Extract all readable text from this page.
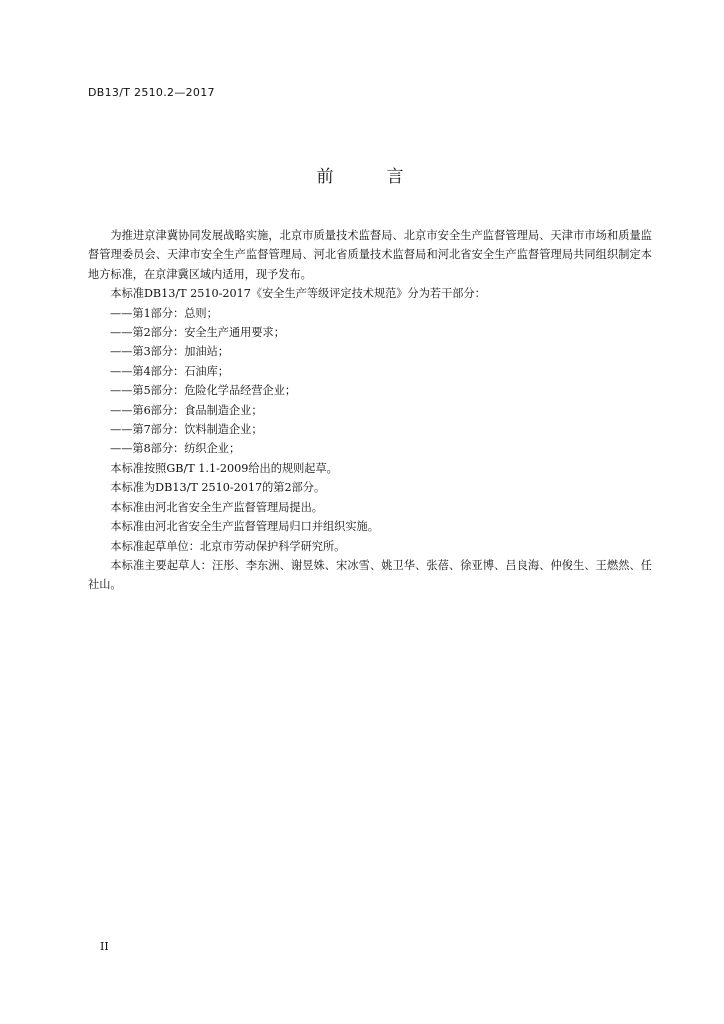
DB13/T 2510.2—2017
前　言

为推进京津冀协同发展战略实施，北京市质量技术监督局、北京市安全生产监督管理局、天津市市场和质量监督管理委员会、天津市安全生产监督管理局、河北省质量技术监督局和河北省安全生产监督管理局共同组织制定本地方标准，在京津冀区域内适用，现予发布。

本标准DB13/T 2510-2017《安全生产等级评定技术规范》分为若干部分：

——第1部分：总则；

——第2部分：安全生产通用要求；

——第3部分：加油站；

——第4部分：石油库；

——第5部分：危险化学品经营企业；

——第6部分：食品制造企业；

——第7部分：饮料制造企业；

——第8部分：纺织企业；

本标准按照GB/T 1.1-2009给出的规则起草。

本标准为DB13/T 2510-2017的第2部分。

本标准由河北省安全生产监督管理局提出。

本标准由河北省安全生产监督管理局归口并组织实施。

本标准起草单位：北京市劳动保护科学研究所。

本标准主要起草人：汪彤、李东洲、谢昱姝、宋冰雪、姚卫华、张蓓、徐亚博、吕良海、仲俊生、王燃然、任社山。

II
